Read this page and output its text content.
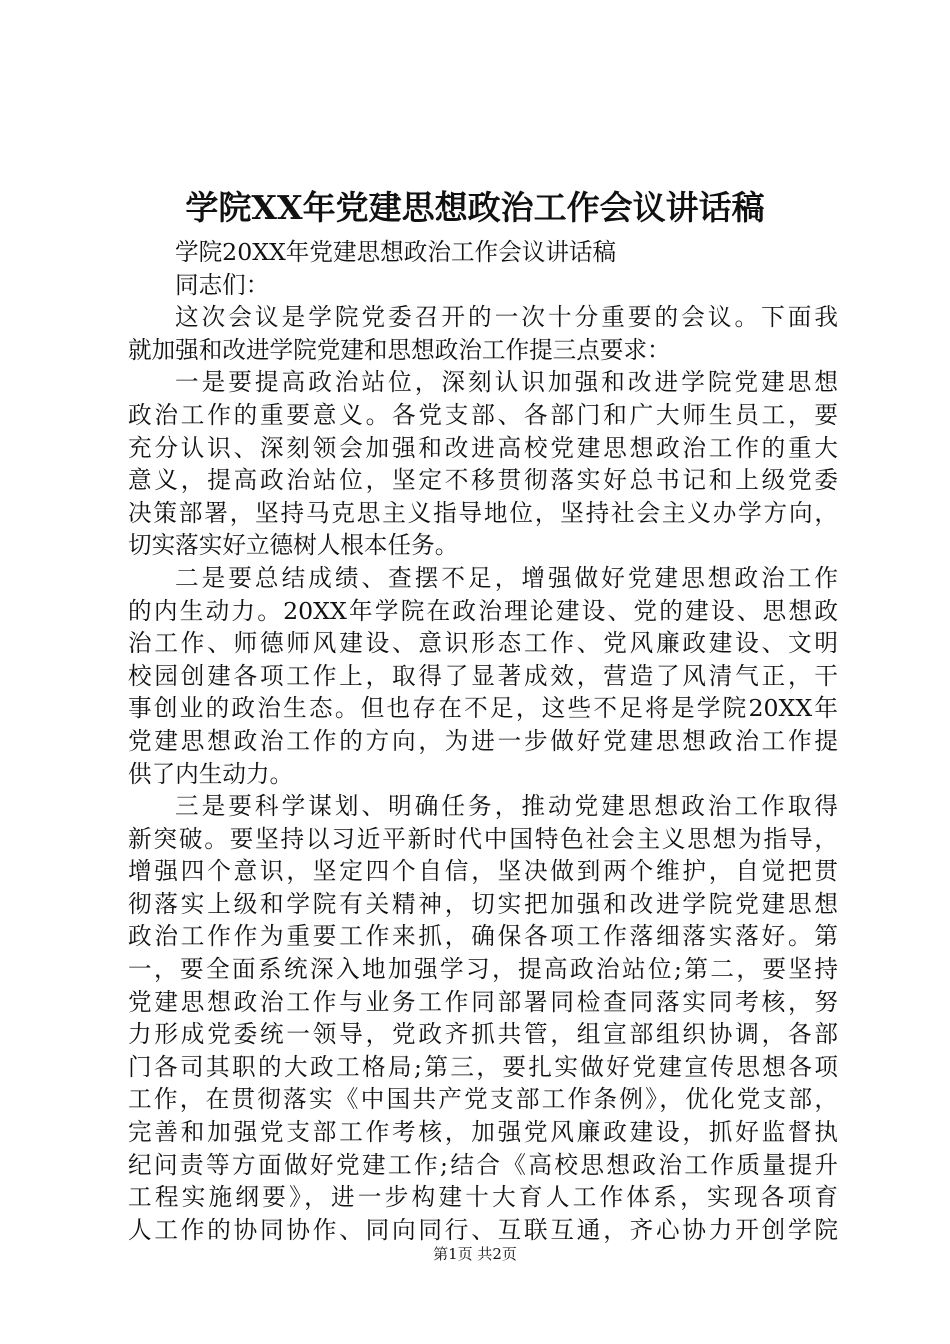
学院XX年党建思想政治工作会议讲话稿
学院20XX年党建思想政治工作会议讲话稿
同志们：
这次会议是学院党委召开的一次十分重要的会议。下面我
就加强和改进学院党建和思想政治工作提三点要求：
一是要提高政治站位，深刻认识加强和改进学院党建思想
政治工作的重要意义。各党支部、各部门和广大师生员工，要
充分认识、深刻领会加强和改进高校党建思想政治工作的重大
意义，提高政治站位，坚定不移贯彻落实好总书记和上级党委
决策部署，坚持马克思主义指导地位，坚持社会主义办学方向，
切实落实好立德树人根本任务。
二是要总结成绩、查摆不足，增强做好党建思想政治工作
的内生动力。20XX年学院在政治理论建设、党的建设、思想政
治工作、师德师风建设、意识形态工作、党风廉政建设、文明
校园创建各项工作上，取得了显著成效，营造了风清气正，干
事创业的政治生态。但也存在不足，这些不足将是学院20XX年
党建思想政治工作的方向，为进一步做好党建思想政治工作提
供了内生动力。
三是要科学谋划、明确任务，推动党建思想政治工作取得
新突破。要坚持以习近平新时代中国特色社会主义思想为指导，
增强四个意识，坚定四个自信，坚决做到两个维护，自觉把贯
彻落实上级和学院有关精神，切实把加强和改进学院党建思想
政治工作作为重要工作来抓，确保各项工作落细落实落好。第
一，要全面系统深入地加强学习，提高政治站位;第二，要坚持
党建思想政治工作与业务工作同部署同检查同落实同考核，努
力形成党委统一领导，党政齐抓共管，组宣部组织协调，各部
门各司其职的大政工格局;第三，要扎实做好党建宣传思想各项
工作，在贯彻落实《中国共产党支部工作条例》，优化党支部，
完善和加强党支部工作考核，加强党风廉政建设，抓好监督执
纪问责等方面做好党建工作;结合《高校思想政治工作质量提升
工程实施纲要》，进一步构建十大育人工作体系，实现各项育
人工作的协同协作、同向同行、互联互通，齐心协力开创学院
第1页 共2页
